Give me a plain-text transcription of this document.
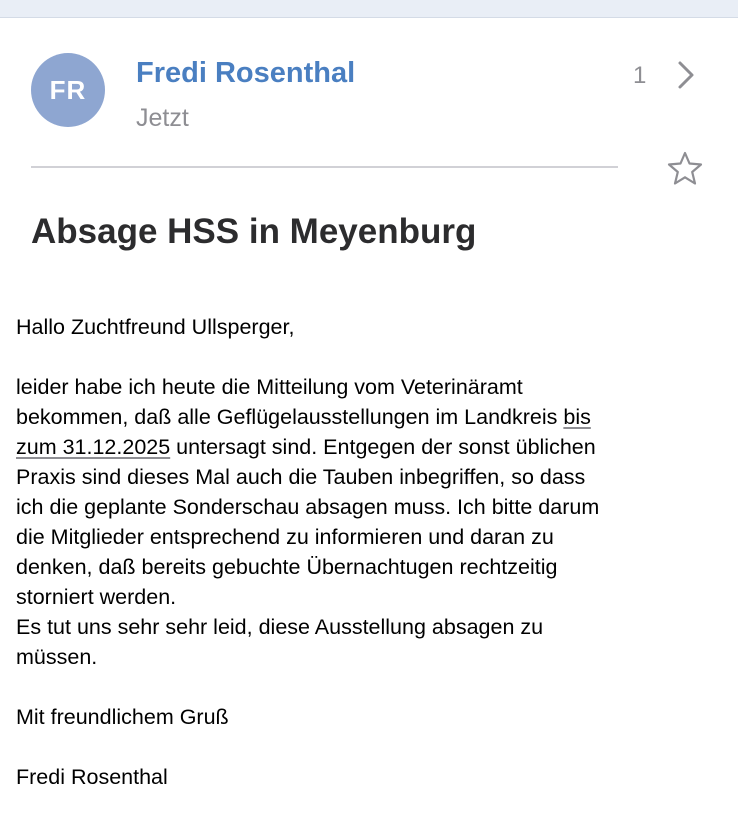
FR
Fredi Rosenthal
Jetzt
1
Absage HSS in Meyenburg

Hallo Zuchtfreund Ullsperger,

leider habe ich heute die Mitteilung vom Veterinäramt

bekommen, daß alle Geflügelausstellungen im Landkreis bis

zum 31.12.2025 untersagt sind. Entgegen der sonst üblichen

Praxis sind dieses Mal auch die Tauben inbegriffen, so dass

ich die geplante Sonderschau absagen muss. Ich bitte darum

die Mitglieder entsprechend zu informieren und daran zu

denken, daß bereits gebuchte Übernachtugen rechtzeitig

storniert werden.

Es tut uns sehr sehr leid, diese Ausstellung absagen zu

müssen.

Mit freundlichem Gruß

Fredi Rosenthal
